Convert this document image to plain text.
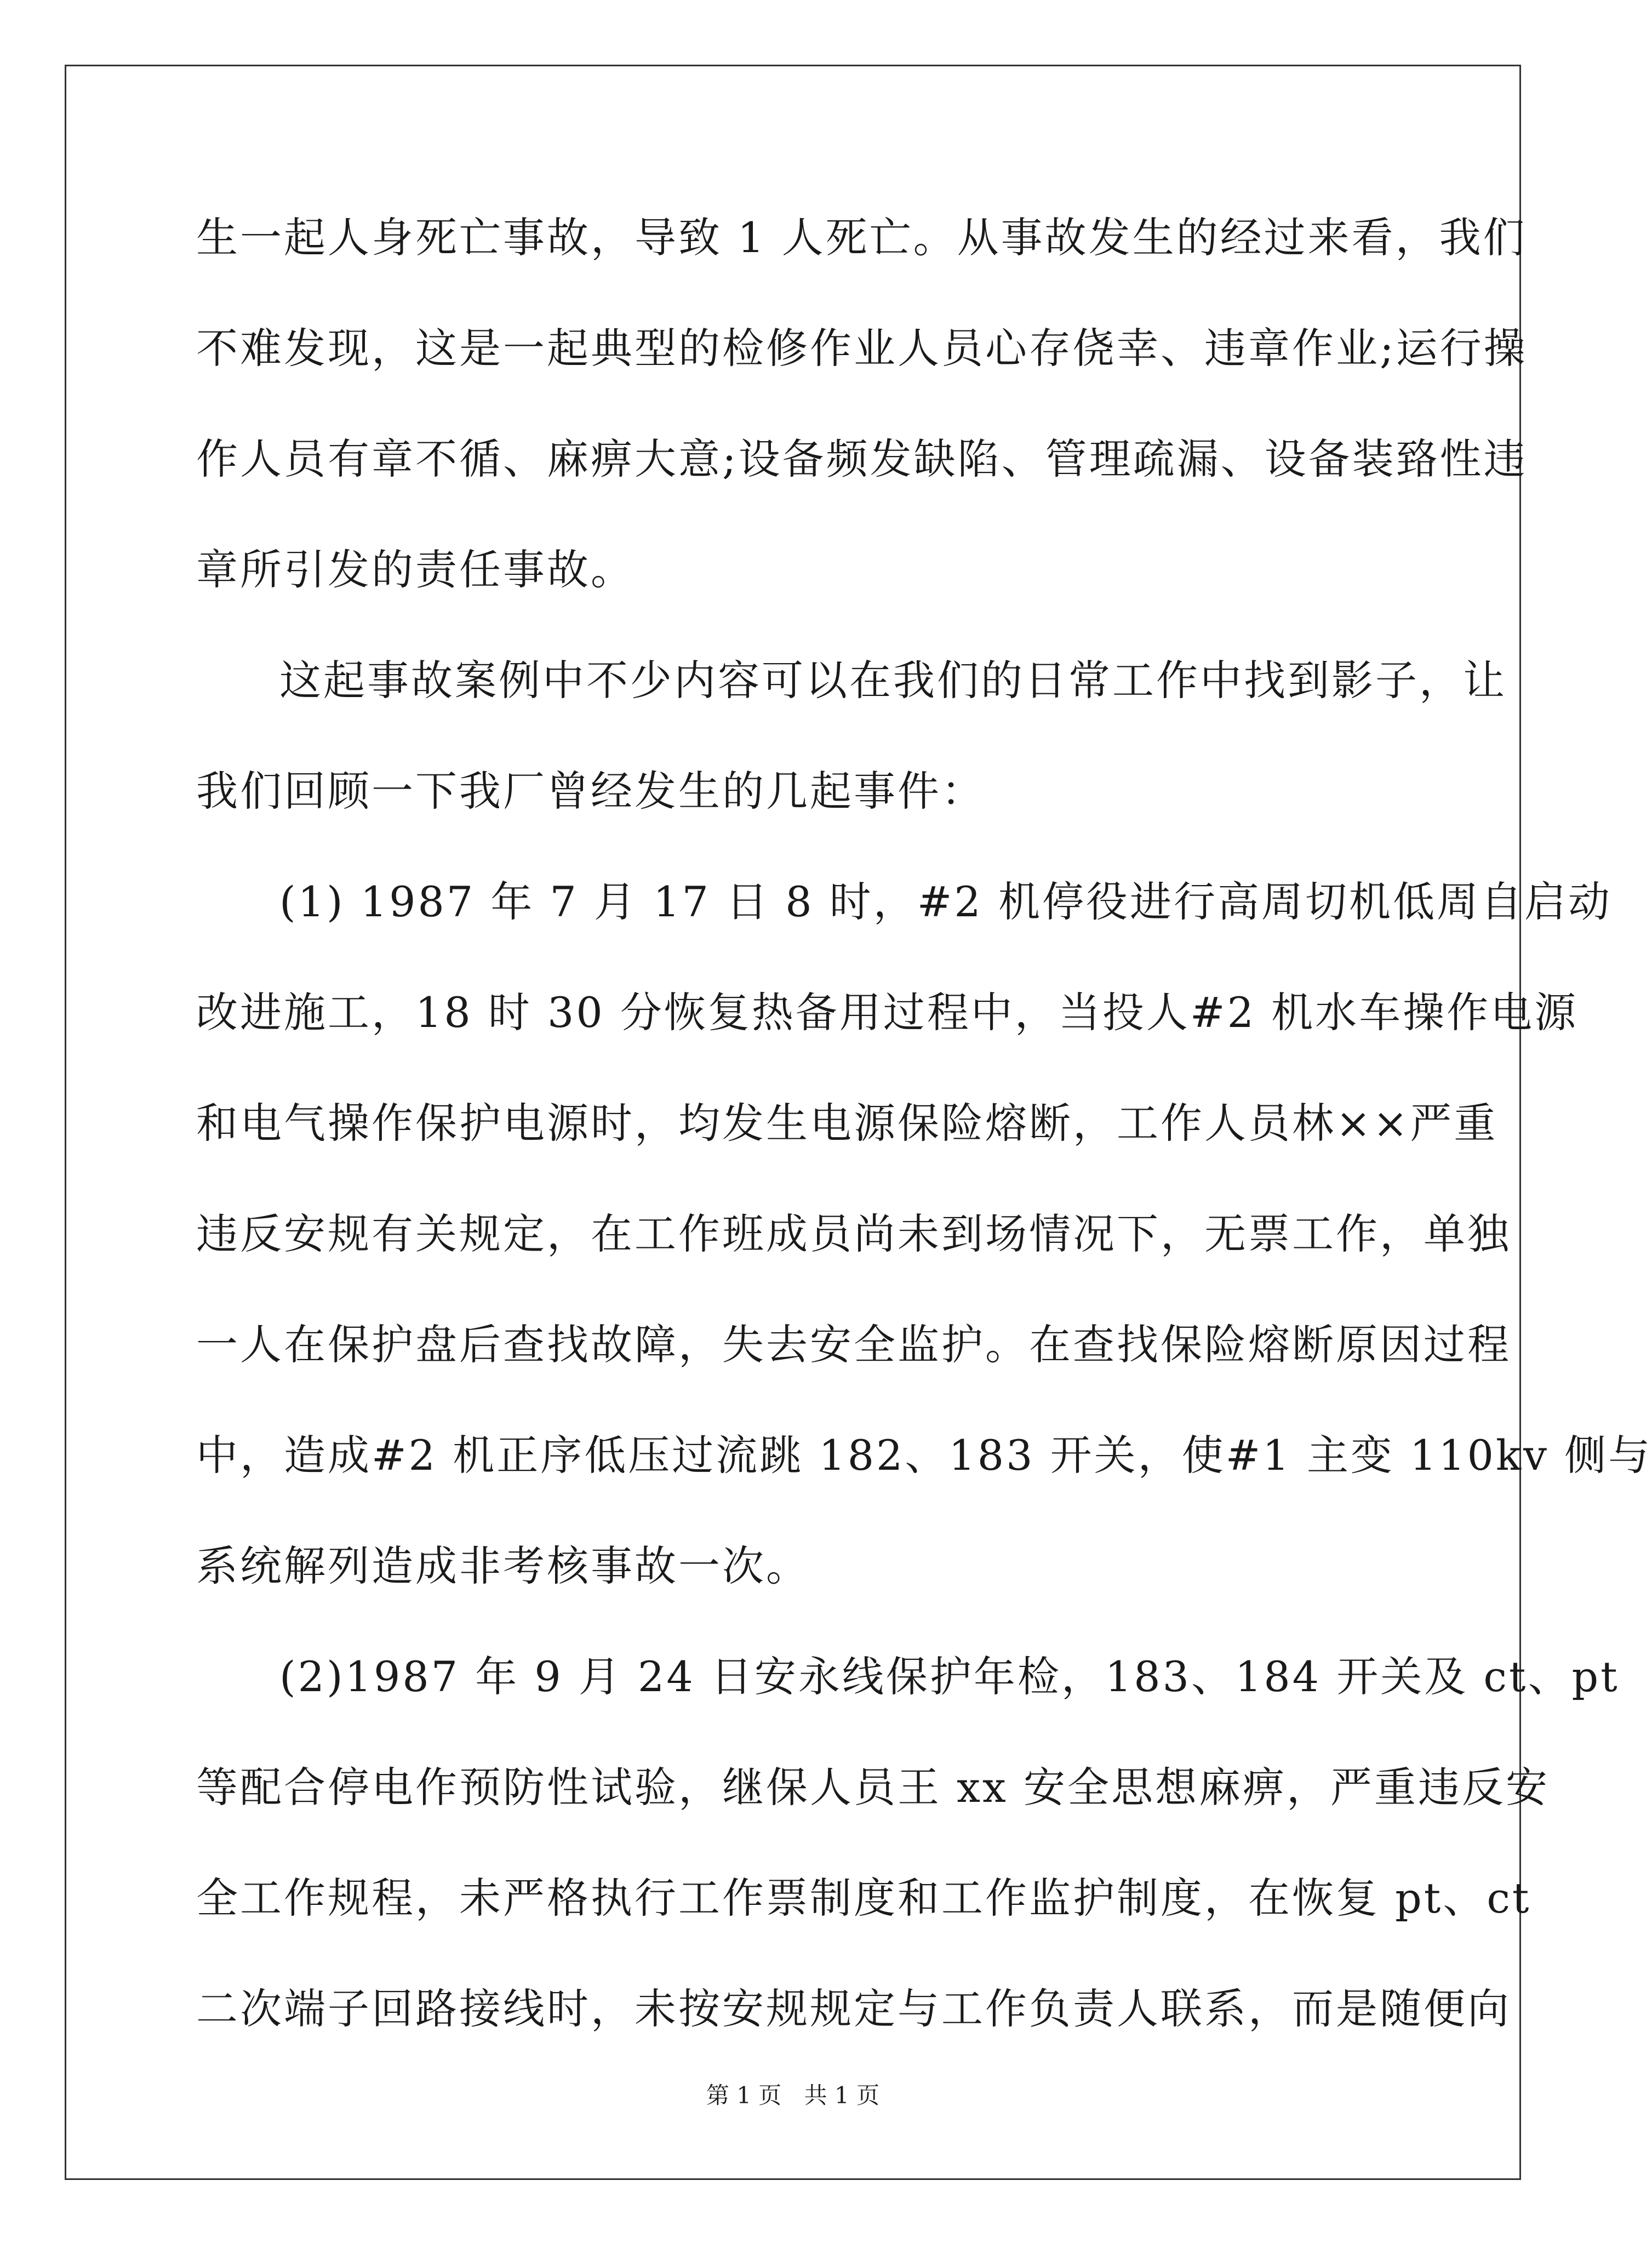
生一起人身死亡事故，导致 1 人死亡。从事故发生的经过来看，我们
不难发现，这是一起典型的检修作业人员心存侥幸、违章作业;运行操
作人员有章不循、麻痹大意;设备频发缺陷、管理疏漏、设备装臵性违
章所引发的责任事故。
这起事故案例中不少内容可以在我们的日常工作中找到影子，让
我们回顾一下我厂曾经发生的几起事件：
(1) 1987 年 7 月 17 日 8 时，#2 机停役进行高周切机低周自启动
改进施工，18 时 30 分恢复热备用过程中，当投人#2 机水车操作电源
和电气操作保护电源时，均发生电源保险熔断，工作人员林××严重
违反安规有关规定，在工作班成员尚未到场情况下，无票工作，单独
一人在保护盘后查找故障，失去安全监护。在查找保险熔断原因过程
中，造成#2 机正序低压过流跳 182、183 开关，使#1 主变 110kv 侧与
系统解列造成非考核事故一次。
(2)1987 年 9 月 24 日安永线保护年检，183、184 开关及 ct、pt
等配合停电作预防性试验，继保人员王 xx 安全思想麻痹，严重违反安
全工作规程，未严格执行工作票制度和工作监护制度，在恢复 pt、ct
二次端子回路接线时，未按安规规定与工作负责人联系，而是随便向
第 1 页 共 1 页
